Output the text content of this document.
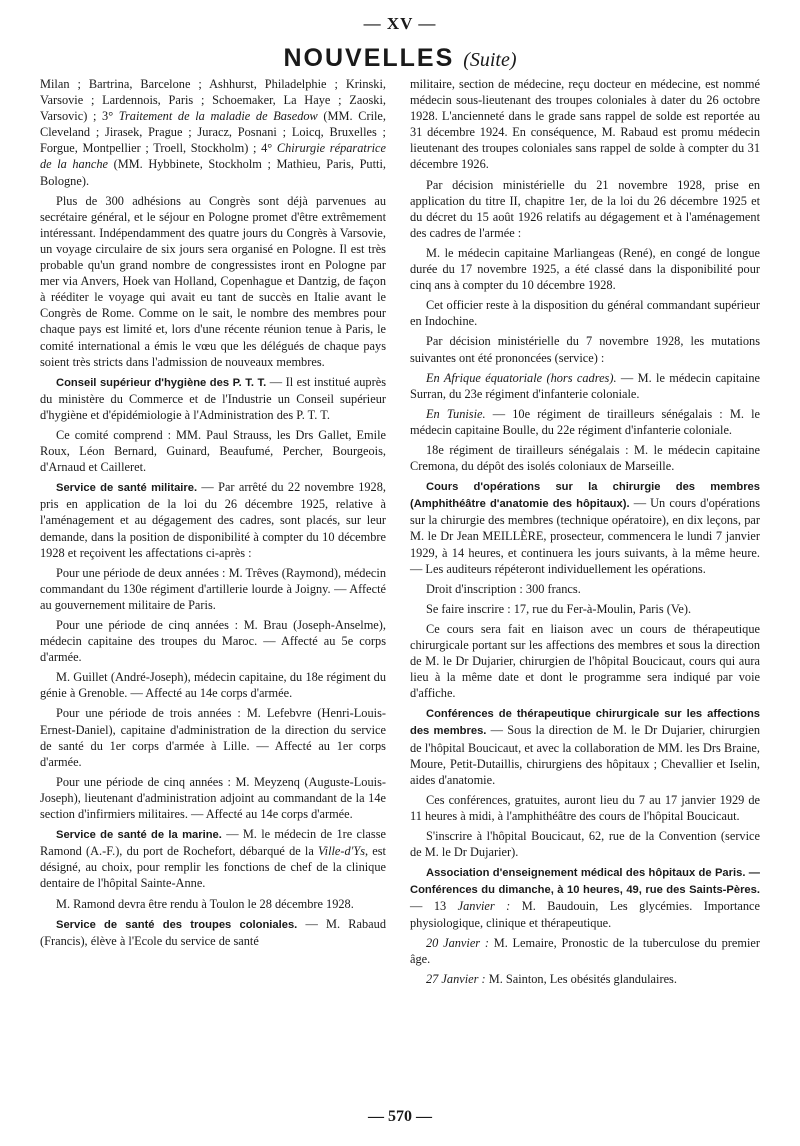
— XV —
NOUVELLES (Suite)

Milan ; Bartrina, Barcelone ; Ashhurst, Philadelphie ; Krinski, Varsovie ; Lardennois, Paris ; Schoemaker, La Haye ; Zaoski, Varsovic) ; 3° Traitement de la maladie de Basedow (MM. Crile, Cleveland ; Jirasek, Prague ; Juracz, Posnani ; Loicq, Bruxelles ; Forgue, Montpellier ; Troell, Stockholm) ; 4° Chirurgie réparatrice de la hanche (MM. Hybbinete, Stockholm ; Mathieu, Paris, Putti, Bologne).

Plus de 300 adhésions au Congrès sont déjà parvenues au secrétaire général, et le séjour en Pologne promet d'être extrêmement intéressant. Indépendamment des quatre jours du Congrès à Varsovie, un voyage circulaire de six jours sera organisé en Pologne. Il est très probable qu'un grand nombre de congressistes iront en Pologne par mer via Anvers, Hoek van Holland, Copenhague et Dantzig, de façon à rééditer le voyage qui avait eu tant de succès en Italie avant le Congrès de Rome. Comme on le sait, le nombre des membres pour chaque pays est limité et, lors d'une récente réunion tenue à Paris, le comité international a émis le vœu que les délégués de chaque pays soient très stricts dans l'admission de nouveaux membres.

Conseil supérieur d'hygiène des P. T. T. — Il est institué auprès du ministère du Commerce et de l'Industrie un Conseil supérieur d'hygiène et d'épidémiologie à l'Administration des P. T. T.

Ce comité comprend : MM. Paul Strauss, les Drs Gallet, Emile Roux, Léon Bernard, Guinard, Beaufumé, Percher, Bourgeois, d'Arnaud et Cailleret.

Service de santé militaire. — Par arrêté du 22 novembre 1928, pris en application de la loi du 26 décembre 1925, relative à l'aménagement et au dégagement des cadres, sont placés, sur leur demande, dans la position de disponibilité à compter du 10 décembre 1928 et reçoivent les affectations ci-après :

Pour une période de deux années : M. Trêves (Raymond), médecin commandant du 130e régiment d'artillerie lourde à Joigny. — Affecté au gouvernement militaire de Paris.

Pour une période de cinq années : M. Brau (Joseph-Anselme), médecin capitaine des troupes du Maroc. — Affecté au 5e corps d'armée.

M. Guillet (André-Joseph), médecin capitaine, du 18e régiment du génie à Grenoble. — Affecté au 14e corps d'armée.

Pour une période de trois années : M. Lefebvre (Henri-Louis-Ernest-Daniel), capitaine d'administration de la direction du service de santé du 1er corps d'armée à Lille. — Affecté au 1er corps d'armée.

Pour une période de cinq années : M. Meyzenq (Auguste-Louis-Joseph), lieutenant d'administration adjoint au commandant de la 14e section d'infirmiers militaires. — Affecté au 14e corps d'armée.

Service de santé de la marine. — M. le médecin de 1re classe Ramond (A.-F.), du port de Rochefort, débarqué de la Ville-d'Ys, est désigné, au choix, pour remplir les fonctions de chef de la clinique dentaire de l'hôpital Sainte-Anne.

M. Ramond devra être rendu à Toulon le 28 décembre 1928.

Service de santé des troupes coloniales. — M. Rabaud (Francis), élève à l'Ecole du service de santé

militaire, section de médecine, reçu docteur en médecine, est nommé médecin sous-lieutenant des troupes coloniales à dater du 26 octobre 1928. L'ancienneté dans le grade sans rappel de solde est reportée au 31 décembre 1924. En conséquence, M. Rabaud est promu médecin lieutenant des troupes coloniales sans rappel de solde à compter du 31 décembre 1926.

Par décision ministérielle du 21 novembre 1928, prise en application du titre II, chapitre 1er, de la loi du 26 décembre 1925 et du décret du 15 août 1926 relatifs au dégagement et à l'aménagement des cadres de l'armée :

M. le médecin capitaine Marliangeas (René), en congé de longue durée du 17 novembre 1925, a été classé dans la disponibilité pour cinq ans à compter du 10 décembre 1928.

Cet officier reste à la disposition du général commandant supérieur en Indochine.

Par décision ministérielle du 7 novembre 1928, les mutations suivantes ont été prononcées (service) :

En Afrique équatoriale (hors cadres). — M. le médecin capitaine Surran, du 23e régiment d'infanterie coloniale.

En Tunisie. — 10e régiment de tirailleurs sénégalais : M. le médecin capitaine Boulle, du 22e régiment d'infanterie coloniale.

18e régiment de tirailleurs sénégalais : M. le médecin capitaine Cremona, du dépôt des isolés coloniaux de Marseille.

Cours d'opérations sur la chirurgie des membres (Amphithéâtre d'anatomie des hôpitaux). — Un cours d'opérations sur la chirurgie des membres (technique opératoire), en dix leçons, par M. le Dr Jean MEILLÈRE, prosecteur, commencera le lundi 7 janvier 1929, à 14 heures, et continuera les jours suivants, à la même heure. — Les auditeurs répéteront individuellement les opérations.

Droit d'inscription : 300 francs.

Se faire inscrire : 17, rue du Fer-à-Moulin, Paris (Ve).

Ce cours sera fait en liaison avec un cours de thérapeutique chirurgicale portant sur les affections des membres et sous la direction de M. le Dr Dujarier, chirurgien de l'hôpital Boucicaut, cours qui aura lieu à la même date et dont le programme sera indiqué par voie d'affiche.

Conférences de thérapeutique chirurgicale sur les affections des membres. — Sous la direction de M. le Dr Dujarier, chirurgien de l'hôpital Boucicaut, et avec la collaboration de MM. les Drs Braine, Moure, Petit-Dutaillis, chirurgiens des hôpitaux ; Chevallier et Iselin, aides d'anatomie.

Ces conférences, gratuites, auront lieu du 7 au 17 janvier 1929 de 11 heures à midi, à l'amphithéâtre des cours de l'hôpital Boucicaut.

S'inscrire à l'hôpital Boucicaut, 62, rue de la Convention (service de M. le Dr Dujarier).

Association d'enseignement médical des hôpitaux de Paris. — Conférences du dimanche, à 10 heures, 49, rue des Saints-Pères. — 13 Janvier : M. Baudouin, Les glycémies. Importance physiologique, clinique et thérapeutique.

20 Janvier : M. Lemaire, Pronostic de la tuberculose du premier âge.

27 Janvier : M. Sainton, Les obésités glandulaires.

— 570 —
